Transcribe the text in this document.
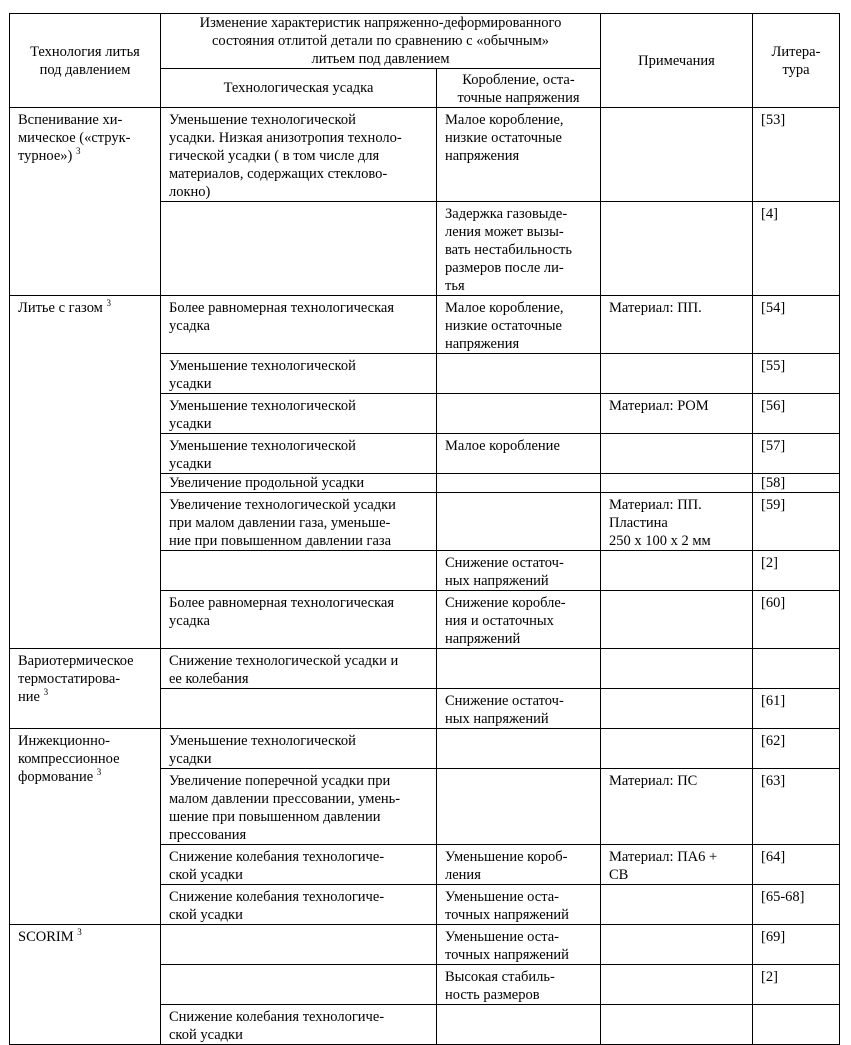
Технология литья
под давлением	Изменение характеристик напряженно-деформированного
состояния отлитой детали по сравнению с «обычным»
литьем под давлением		Примечания	Литера-
тура
	Технологическая усадка	Коробление, оста-
точные напряжения		
Вспенивание хи-
мическое («струк-
турное») $^3$	Уменьшение технологической
усадки. Низкая анизотропия техноло-
гической усадки ( в том числе для
материалов, содержащих стеклово-
локно)	Малое коробление,
низкие остаточные
напряжения		[53]
		Задержка газовыде-
ления может вызы-
вать нестабильность
размеров после ли-
тья		[4]
Литье с газом $^3$	Более равномерная технологическая
усадка	Малое коробление,
низкие остаточные
напряжения	Материал: ПП.	[54]
	Уменьшение технологической
усадки			[55]
	Уменьшение технологической
усадки		Материал: POM	[56]
	Уменьшение технологической
усадки	Малое коробление		[57]
	Увеличение продольной усадки			[58]
	Увеличение технологической усадки
при малом давлении газа, уменьше-
ние при повышенном давлении газа		Материал: ПП.
Пластина
250 х 100 х 2 мм	[59]
		Снижение остаточ-
ных напряжений		[2]
	Более равномерная технологическая
усадка	Снижение коробле-
ния и остаточных
напряжений		[60]
Вариотермическое
термостатирова-
ние $^3$	Снижение технологической усадки и
ее колебания			
		Снижение остаточ-
ных напряжений		[61]
Инжекционно-
компрессионное
формование $^3$	Уменьшение технологической
усадки			[62]
	Увеличение поперечной усадки при
малом давлении прессовании, умень-
шение при повышенном давлении
прессования		Материал: ПС	[63]
	Снижение колебания технологиче-
ской усадки	Уменьшение короб-
ления	Материал: ПА6 +
СВ	[64]
	Снижение колебания технологиче-
ской усадки	Уменьшение оста-
точных напряжений		[65-68]
SCORIM $^3$		Уменьшение оста-
точных напряжений		[69]
		Высокая стабиль-
ность размеров		[2]
	Снижение колебания технологиче-
ской усадки			
